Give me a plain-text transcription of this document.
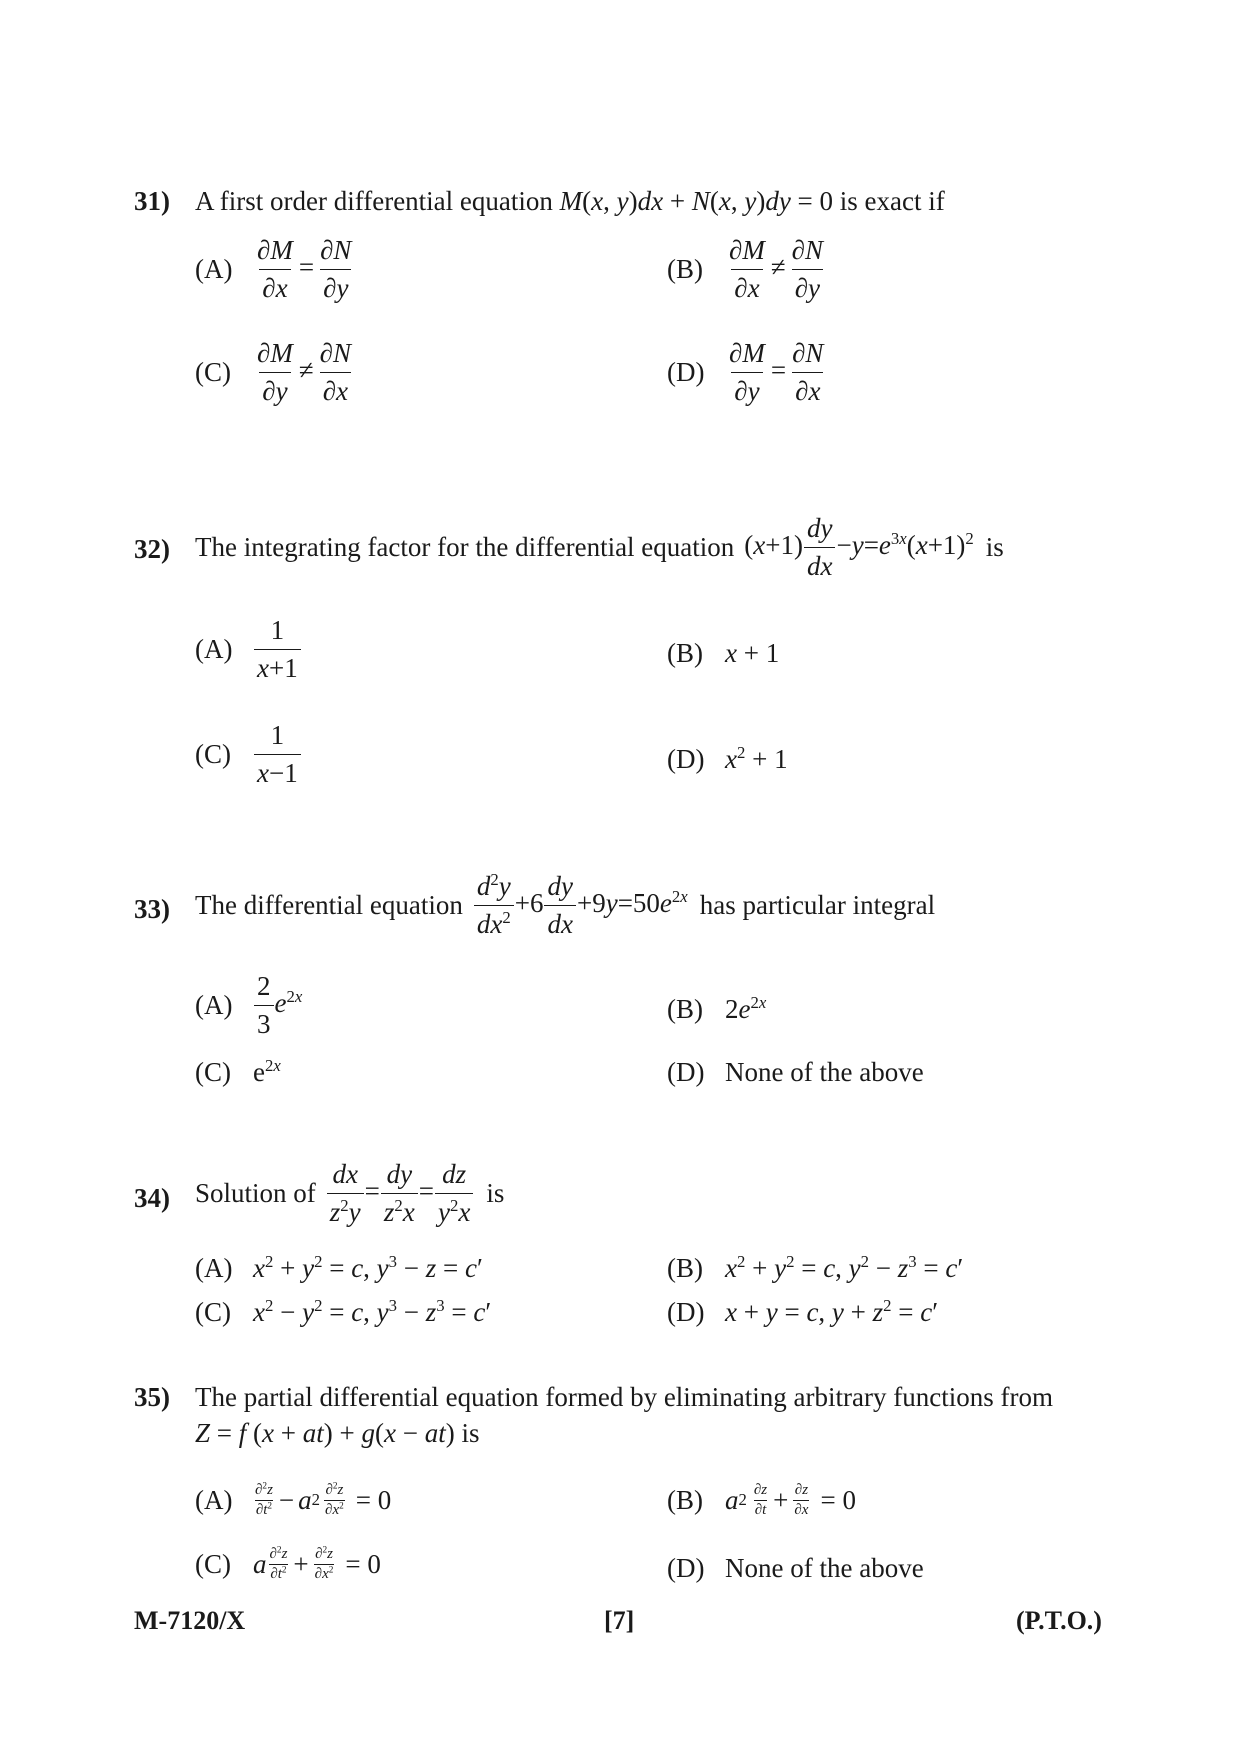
31) A first order differential equation M(x, y)dx + N(x, y)dy = 0 is exact if
$(A) \frac{\partial M}{\partial x} = \frac{\partial N}{\partial y}$	$(B) \frac{\partial M}{\partial x} \ne \frac{\partial N}{\partial y}$
$(C) \frac{\partial M}{\partial y} \ne \frac{\partial N}{\partial x}$	$(D) \frac{\partial M}{\partial y} = \frac{\partial N}{\partial x}$
32) The integrating factor for the differential equation $(x+1) \frac{dy}{dx} -y=e^{3x}(x+1)^2$ is
$(A) \frac{1}{x+1}$	(B) x + 1
$(C) \frac{1}{x-1}$	(D) $x^2 + 1$
33) The differential equation $\frac{d^2y}{dx^2} +6 \frac{dy}{dx} +9y=50e^{2x}$ has particular integral
$(A) \frac{2}{3} e^{2x}$	(B) $2e^{2x}$
(C) $e^{2x}$	(D) None of the above
34) Solution of $\frac{dx}{z^2y} = \frac{dy}{z^2x} = \frac{dz}{y^2x}$ is
(A) $x^2 + y^2 = c$, $y^3 - z = c'$	(B) $x^2 + y^2 = c$, $y^2 - z^3 = c'$
(C) $x^2 - y^2 = c$, $y^3 - z^3 = c'$	(D) x + y = c, $y + z^2 = c'$
35) The partial differential equation formed by eliminating arbitrary functions from
Z = f (x + at) + g(x − at) is
(A)	$\frac{\partial^2z}{\partial t^2} - a$ $2 \frac{\partial^2z}{\partial x^2} = 0$	(B) a $2 \frac{\partial z}{\partial t} + \frac{\partial z}{\partial x} = 0$
(C) a $\frac{\partial^2z}{\partial t^2} + \frac{\partial^2z}{\partial x^2} = 0$	(D) None of the above
M-7120/X	[7]	(P.T.O.)
